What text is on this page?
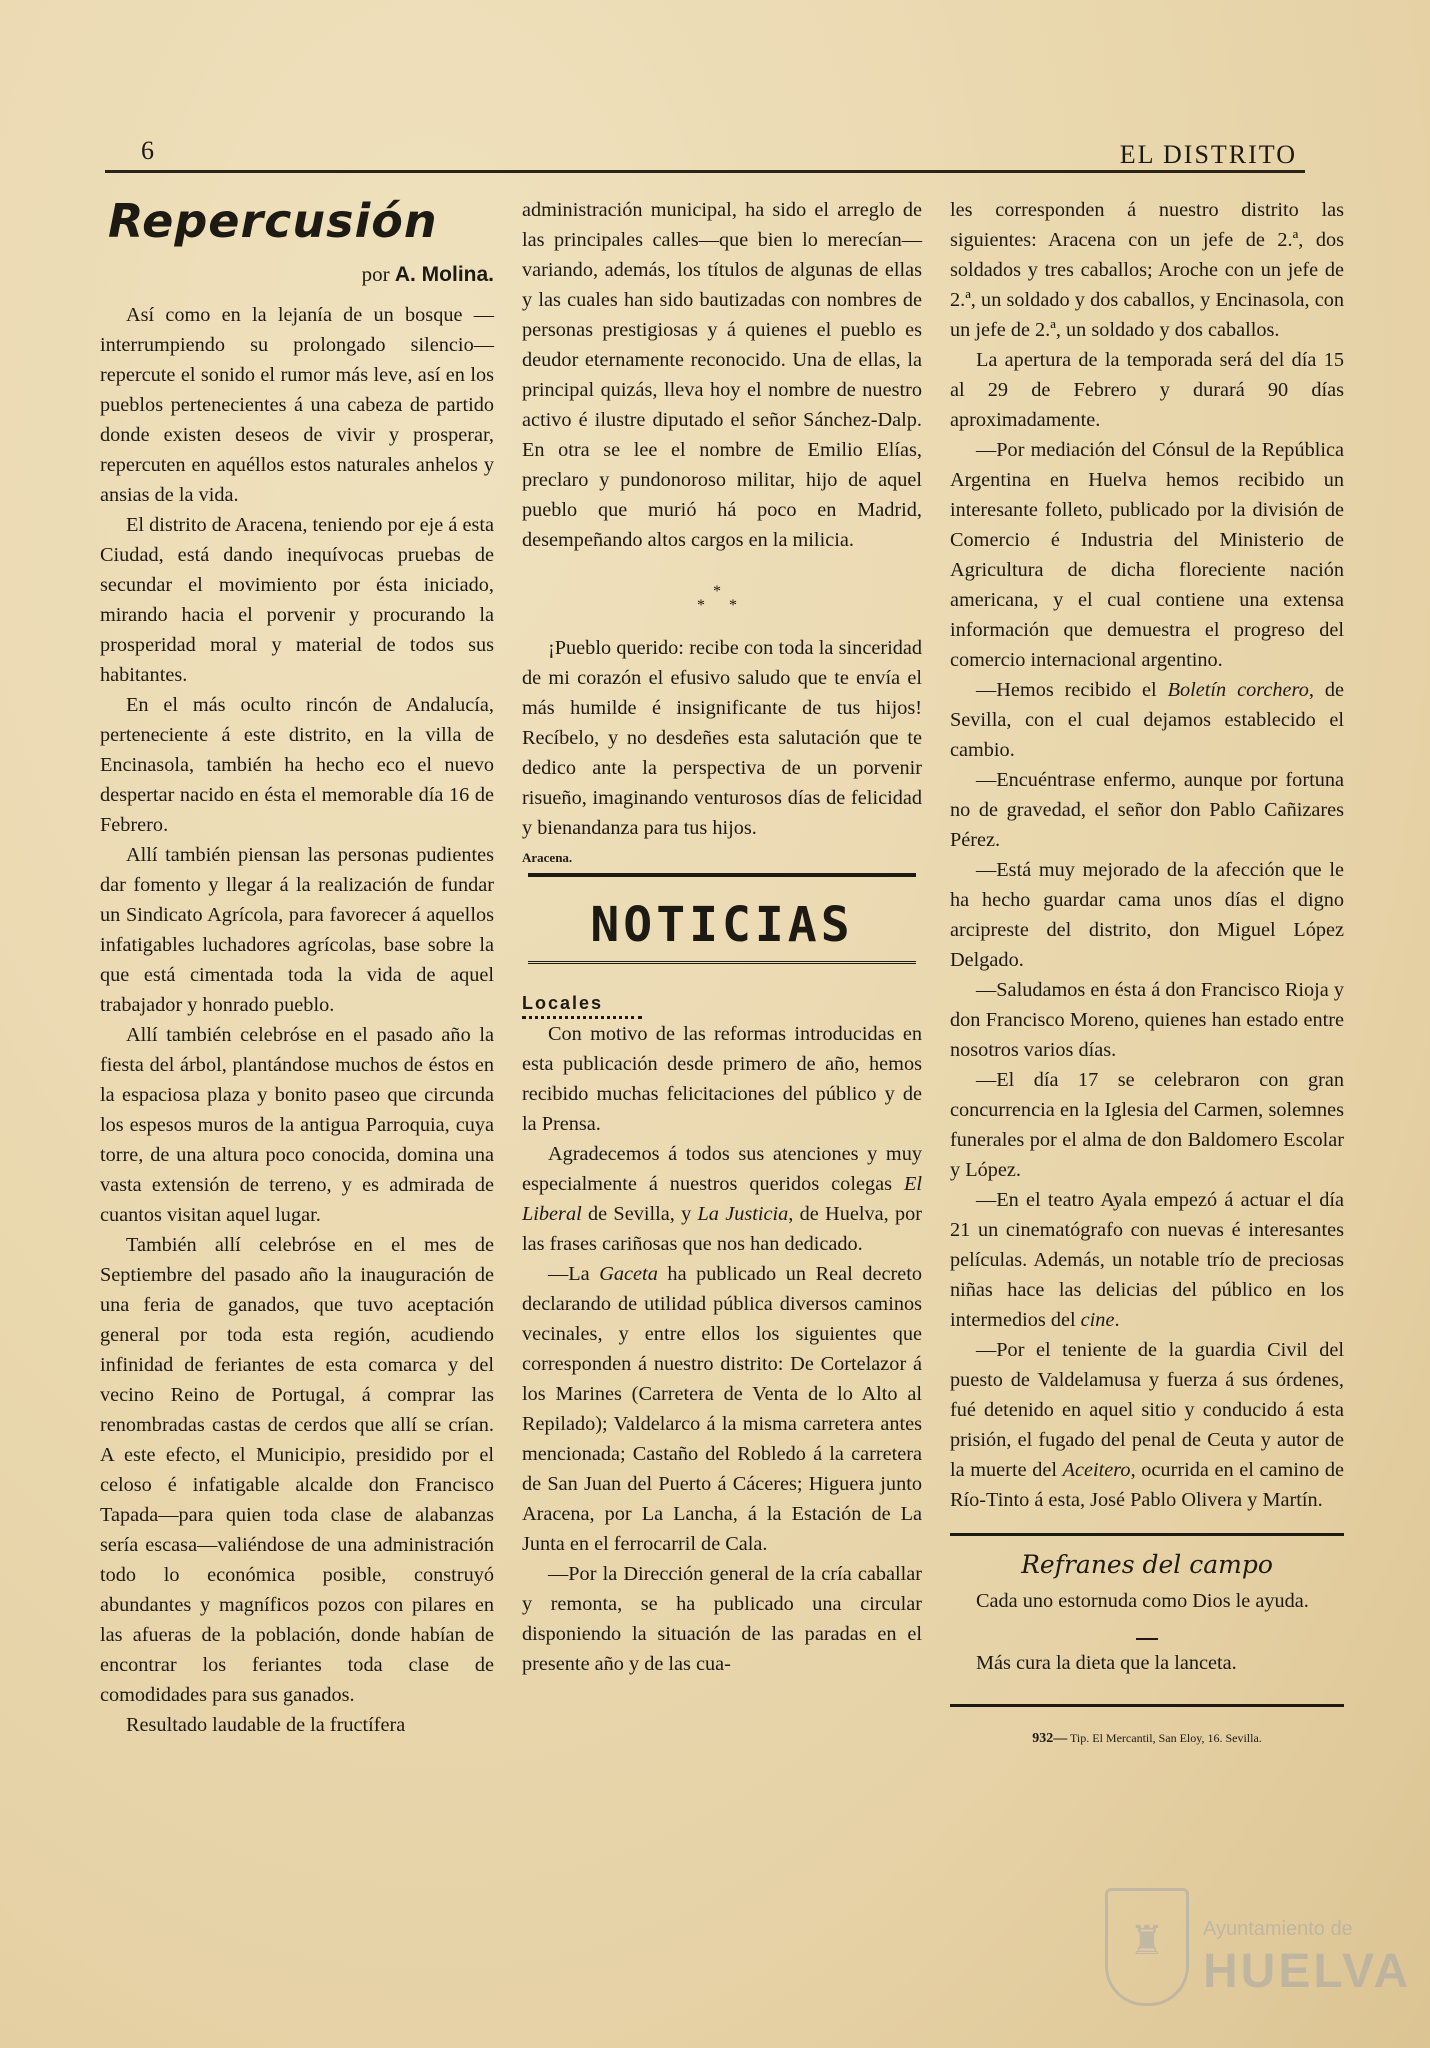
6	EL DISTRITO
Repercusión
por A. Molina.

Así como en la lejanía de un bosque —interrumpiendo su prolongado silencio—repercute el sonido el rumor más leve, así en los pueblos pertenecientes á una cabeza de partido donde existen deseos de vivir y prosperar, repercuten en aquéllos estos naturales anhelos y ansias de la vida.

El distrito de Aracena, teniendo por eje á esta Ciudad, está dando inequívocas pruebas de secundar el movimiento por ésta iniciado, mirando hacia el porvenir y procurando la prosperidad moral y material de todos sus habitantes.

En el más oculto rincón de Andalucía, perteneciente á este distrito, en la villa de Encinasola, también ha hecho eco el nuevo despertar nacido en ésta el memorable día 16 de Febrero.

Allí también piensan las personas pudientes dar fomento y llegar á la realización de fundar un Sindicato Agrícola, para favorecer á aquellos infatigables luchadores agrícolas, base sobre la que está cimentada toda la vida de aquel trabajador y honrado pueblo.

Allí también celebróse en el pasado año la fiesta del árbol, plantándose muchos de éstos en la espaciosa plaza y bonito paseo que circunda los espesos muros de la antigua Parroquia, cuya torre, de una altura poco conocida, domina una vasta extensión de terreno, y es admirada de cuantos visitan aquel lugar.

También allí celebróse en el mes de Septiembre del pasado año la inauguración de una feria de ganados, que tuvo aceptación general por toda esta región, acudiendo infinidad de feriantes de esta comarca y del vecino Reino de Portugal, á comprar las renombradas castas de cerdos que allí se crían. A este efecto, el Municipio, presidido por el celoso é infatigable alcalde don Francisco Tapada—para quien toda clase de alabanzas sería escasa—valiéndose de una administración todo lo económica posible, construyó abundantes y magníficos pozos con pilares en las afueras de la población, donde habían de encontrar los feriantes toda clase de comodidades para sus ganados.

Resultado laudable de la fructífera

administración municipal, ha sido el arreglo de las principales calles—que bien lo merecían—variando, además, los títulos de algunas de ellas y las cuales han sido bautizadas con nombres de personas prestigiosas y á quienes el pueblo es deudor eternamente reconocido. Una de ellas, la principal quizás, lleva hoy el nombre de nuestro activo é ilustre diputado el señor Sánchez-Dalp. En otra se lee el nombre de Emilio Elías, preclaro y pundonoroso militar, hijo de aquel pueblo que murió há poco en Madrid, desempeñando altos cargos en la milicia.

*
* *

¡Pueblo querido: recibe con toda la sinceridad de mi corazón el efusivo saludo que te envía el más humilde é insignificante de tus hijos! Recíbelo, y no desdeñes esta salutación que te dedico ante la perspectiva de un porvenir risueño, imaginando venturosos días de felicidad y bienandanza para tus hijos.

Aracena.

NOTICIAS

Locales

Con motivo de las reformas introducidas en esta publicación desde primero de año, hemos recibido muchas felicitaciones del público y de la Prensa.

Agradecemos á todos sus atenciones y muy especialmente á nuestros queridos colegas El Liberal de Sevilla, y La Justicia, de Huelva, por las frases cariñosas que nos han dedicado.

—La Gaceta ha publicado un Real decreto declarando de utilidad pública diversos caminos vecinales, y entre ellos los siguientes que corresponden á nuestro distrito: De Cortelazor á los Marines (Carretera de Venta de lo Alto al Repilado); Valdelarco á la misma carretera antes mencionada; Castaño del Robledo á la carretera de San Juan del Puerto á Cáceres; Higuera junto Aracena, por La Lancha, á la Estación de La Junta en el ferrocarril de Cala.

—Por la Dirección general de la cría caballar y remonta, se ha publicado una circular disponiendo la situación de las paradas en el presente año y de las cua-

les corresponden á nuestro distrito las siguientes: Aracena con un jefe de 2.ª, dos soldados y tres caballos; Aroche con un jefe de 2.ª, un soldado y dos caballos, y Encinasola, con un jefe de 2.ª, un soldado y dos caballos.

La apertura de la temporada será del día 15 al 29 de Febrero y durará 90 días aproximadamente.

—Por mediación del Cónsul de la República Argentina en Huelva hemos recibido un interesante folleto, publicado por la división de Comercio é Industria del Ministerio de Agricultura de dicha floreciente nación americana, y el cual contiene una extensa información que demuestra el progreso del comercio internacional argentino.

—Hemos recibido el Boletín corchero, de Sevilla, con el cual dejamos establecido el cambio.

—Encuéntrase enfermo, aunque por fortuna no de gravedad, el señor don Pablo Cañizares Pérez.

—Está muy mejorado de la afección que le ha hecho guardar cama unos días el digno arcipreste del distrito, don Miguel López Delgado.

—Saludamos en ésta á don Francisco Rioja y don Francisco Moreno, quienes han estado entre nosotros varios días.

—El día 17 se celebraron con gran concurrencia en la Iglesia del Carmen, solemnes funerales por el alma de don Baldomero Escolar y López.

—En el teatro Ayala empezó á actuar el día 21 un cinematógrafo con nuevas é interesantes películas. Además, un notable trío de preciosas niñas hace las delicias del público en los intermedios del cine.

—Por el teniente de la guardia Civil del puesto de Valdelamusa y fuerza á sus órdenes, fué detenido en aquel sitio y conducido á esta prisión, el fugado del penal de Ceuta y autor de la muerte del Aceitero, ocurrida en el camino de Río-Tinto á esta, José Pablo Olivera y Martín.

Refranes del campo

Cada uno estornuda como Dios le ayuda.

Más cura la dieta que la lanceta.

932— Tip. El Mercantil, San Eloy, 16. Sevilla.

♜	Ayuntamiento de
HUELVA
